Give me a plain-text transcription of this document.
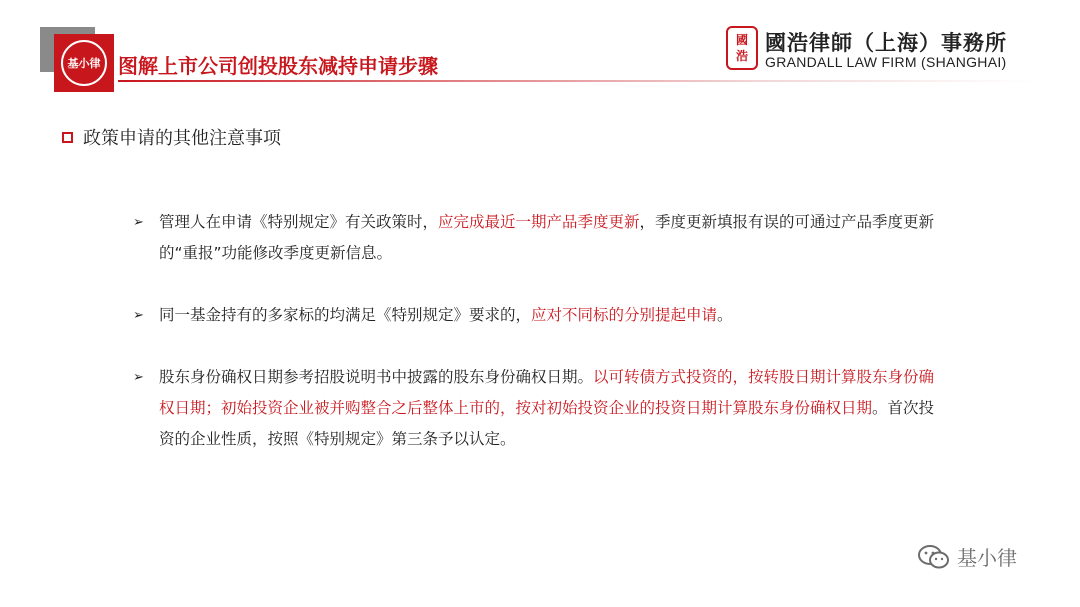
基小律 图解上市公司创投股东减持申请步骤
國
浩
國浩律師（上海）事務所
GRANDALL LAW FIRM (SHANGHAI)
政策申请的其他注意事项
➢ 管理人在申请《特别规定》有关政策时，应完成最近一期产品季度更新，季度更新填报有误的可通过产品季度更新的“重报”功能修改季度更新信息。
➢ 同一基金持有的多家标的均满足《特别规定》要求的，应对不同标的分别提起申请。
➢ 股东身份确权日期参考招股说明书中披露的股东身份确权日期。以可转债方式投资的，按转股日期计算股东身份确权日期；初始投资企业被并购整合之后整体上市的，按对初始投资企业的投资日期计算股东身份确权日期。首次投资的企业性质，按照《特别规定》第三条予以认定。
基小律
